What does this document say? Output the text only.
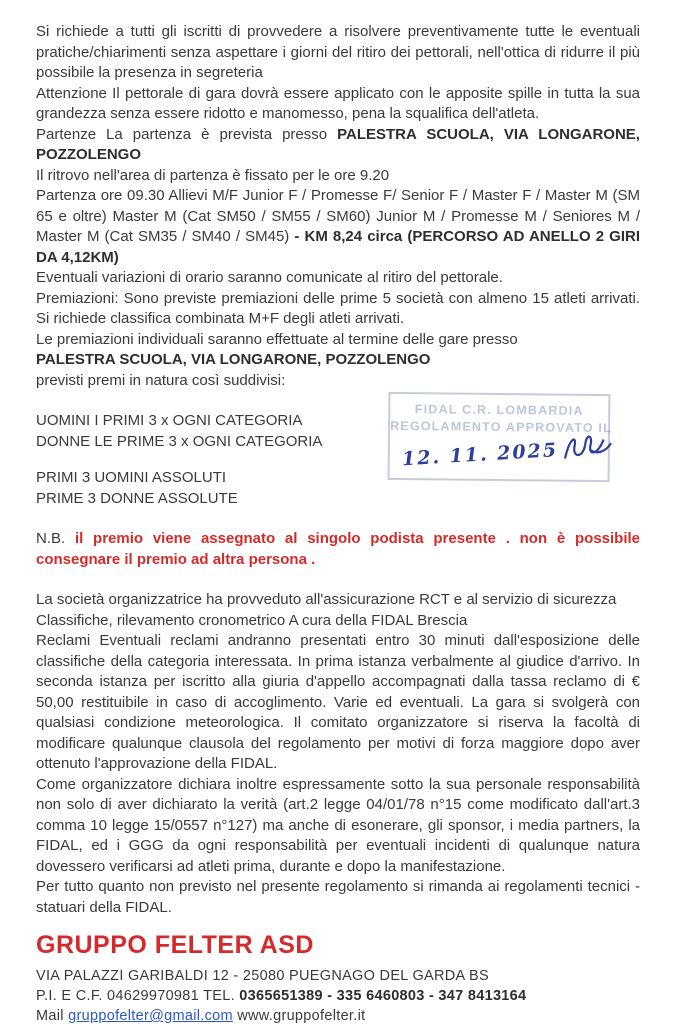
Si richiede a tutti gli iscritti di provvedere a risolvere preventivamente tutte le eventuali pratiche/chiarimenti senza aspettare i giorni del ritiro dei pettorali, nell'ottica di ridurre il più possibile la presenza in segreteria

Attenzione Il pettorale di gara dovrà essere applicato con le apposite spille in tutta la sua grandezza senza essere ridotto e manomesso, pena la squalifica dell'atleta.

Partenze La partenza è prevista presso PALESTRA SCUOLA, VIA LONGARONE, POZZOLENGO

Il ritrovo nell'area di partenza è fissato per le ore 9.20

Partenza ore 09.30 Allievi M/F Junior F / Promesse F/ Senior F / Master F / Master M (SM 65 e oltre) Master M (Cat SM50 / SM55 / SM60) Junior M / Promesse M / Seniores M / Master M (Cat SM35 / SM40 / SM45) - KM 8,24 circa (PERCORSO AD ANELLO 2 GIRI DA 4,12KM)

Eventuali variazioni di orario saranno comunicate al ritiro del pettorale.

Premiazioni: Sono previste premiazioni delle prime 5 società con almeno 15 atleti arrivati. Si richiede classifica combinata M+F degli atleti arrivati.

Le premiazioni individuali saranno effettuate al termine delle gare presso

PALESTRA SCUOLA, VIA LONGARONE, POZZOLENGO

previsti premi in natura così suddivisi:

UOMINI I PRIMI 3 x OGNI CATEGORIA

DONNE LE PRIME 3 x OGNI CATEGORIA

PRIMI 3 UOMINI ASSOLUTI

PRIME 3 DONNE ASSOLUTE

N.B. il premio viene assegnato al singolo podista presente . non è possibile consegnare il premio ad altra persona .

La società organizzatrice ha provveduto all'assicurazione RCT e al servizio di sicurezza

Classifiche, rilevamento cronometrico A cura della FIDAL Brescia

Reclami Eventuali reclami andranno presentati entro 30 minuti dall'esposizione delle classifiche della categoria interessata. In prima istanza verbalmente al giudice d'arrivo. In seconda istanza per iscritto alla giuria d'appello accompagnati dalla tassa reclamo di € 50,00 restituibile in caso di accoglimento. Varie ed eventuali. La gara si svolgerà con qualsiasi condizione meteorologica. Il comitato organizzatore si riserva la facoltà di modificare qualunque clausola del regolamento per motivi di forza maggiore dopo aver ottenuto l'approvazione della FIDAL.

Come organizzatore dichiara inoltre espressamente sotto la sua personale responsabilità non solo di aver dichiarato la verità (art.2 legge 04/01/78 n°15 come modificato dall'art.3 comma 10 legge 15/0557 n°127) ma anche di esonerare, gli sponsor, i media partners, la FIDAL, ed i GGG da ogni responsabilità per eventuali incidenti di qualunque natura dovessero verificarsi ad atleti prima, durante e dopo la manifestazione.

Per tutto quanto non previsto nel presente regolamento si rimanda ai regolamenti tecnici - statuari della FIDAL.

GRUPPO FELTER ASD
VIA PALAZZI GARIBALDI 12 - 25080 PUEGNAGO DEL GARDA BS
P.I. E C.F. 04629970981 TEL. 0365651389 - 335 6460803 - 347 8413164
Mail gruppofelter@gmail.com www.gruppofelter.it
FIDAL C.R. LOMBARDIA
REGOLAMENTO APPROVATO IL
12. 11. 2025
